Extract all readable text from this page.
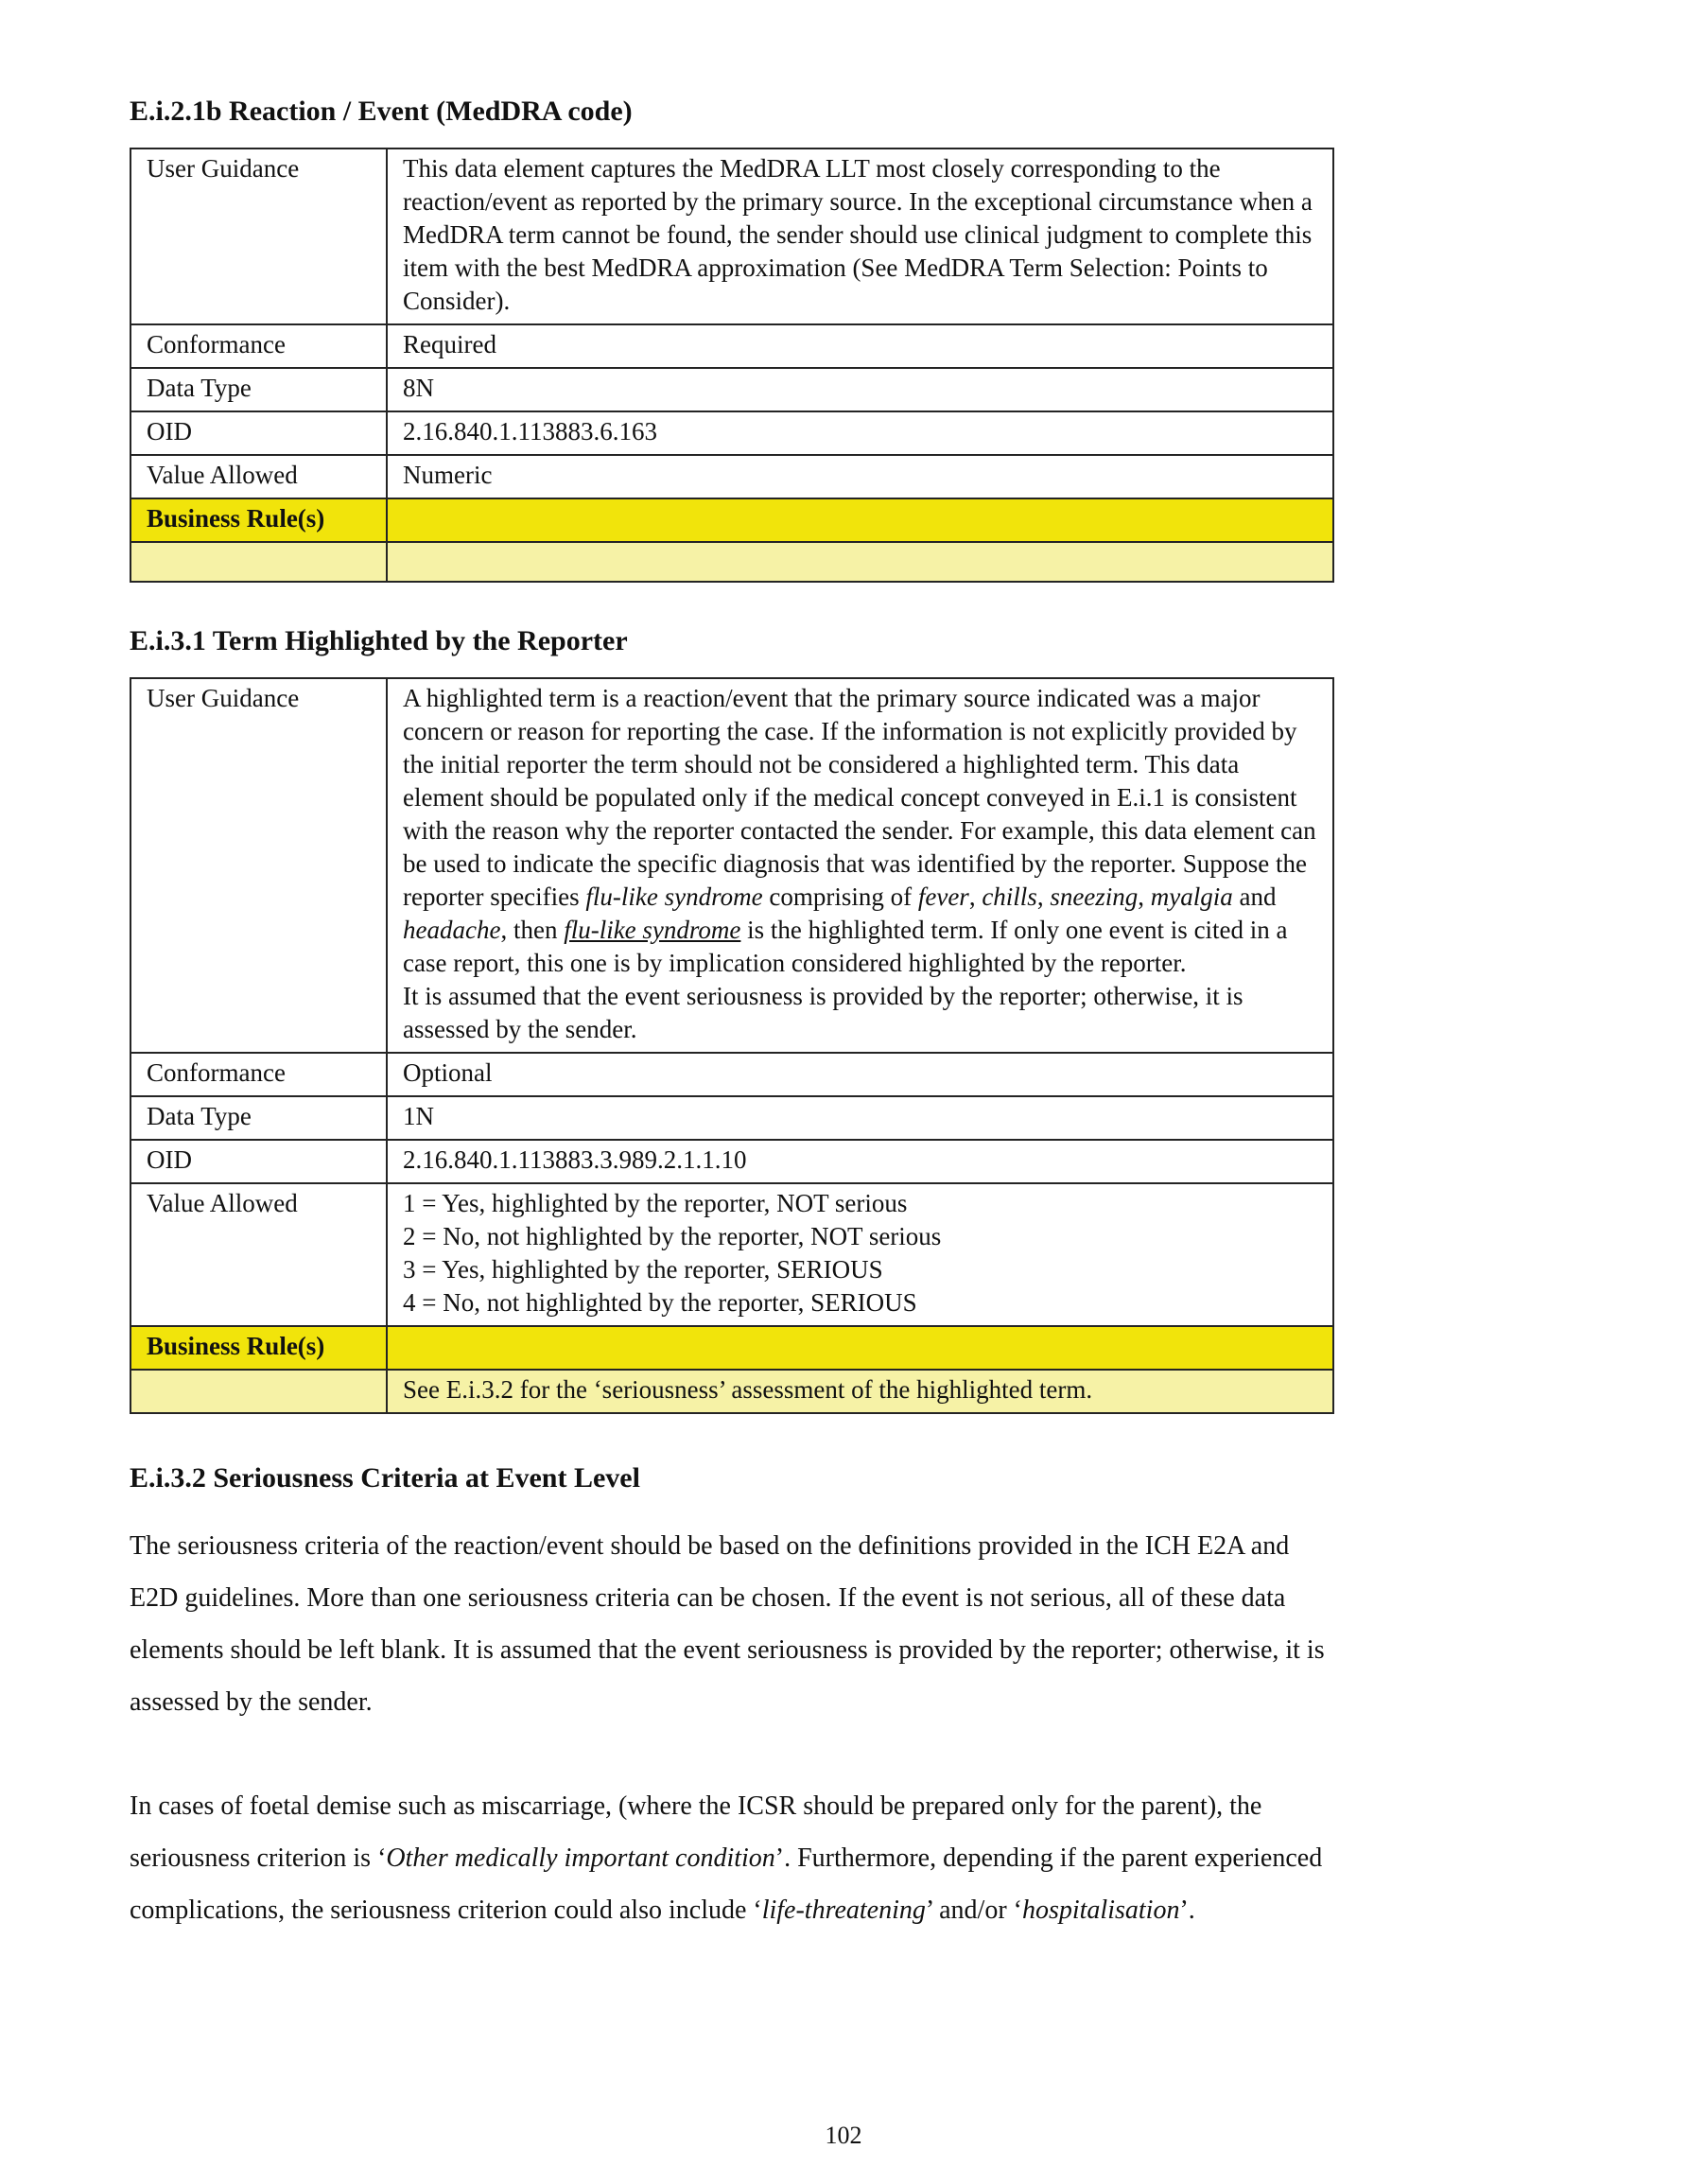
E.i.2.1b Reaction / Event (MedDRA code)
User Guidance	This data element captures the MedDRA LLT most closely corresponding to the reaction/event as reported by the primary source. In the exceptional circumstance when a MedDRA term cannot be found, the sender should use clinical judgment to complete this item with the best MedDRA approximation (See MedDRA Term Selection: Points to Consider).
Conformance	Required
Data Type	8N
OID	2.16.840.1.113883.6.163
Value Allowed	Numeric
Business Rule(s)	

E.i.3.1 Term Highlighted by the Reporter
User Guidance	A highlighted term is a reaction/event that the primary source indicated was a major concern or reason for reporting the case. If the information is not explicitly provided by the initial reporter the term should not be considered a highlighted term. This data element should be populated only if the medical concept conveyed in E.i.1 is consistent with the reason why the reporter contacted the sender. For example, this data element can be used to indicate the specific diagnosis that was identified by the reporter. Suppose the reporter specifies flu-like syndrome comprising of fever, chills, sneezing, myalgia and headache, then flu-like syndrome is the highlighted term. If only one event is cited in a case report, this one is by implication considered highlighted by the reporter.
It is assumed that the event seriousness is provided by the reporter; otherwise, it is assessed by the sender.
Conformance	Optional
Data Type	1N
OID	2.16.840.1.113883.3.989.2.1.1.10
Value Allowed	1 = Yes, highlighted by the reporter, NOT serious
2 = No, not highlighted by the reporter, NOT serious
3 = Yes, highlighted by the reporter, SERIOUS
4 = No, not highlighted by the reporter, SERIOUS

Business Rule(s)	
	See E.i.3.2 for the ‘seriousness’ assessment of the highlighted term.
E.i.3.2 Seriousness Criteria at Event Level
The seriousness criteria of the reaction/event should be based on the definitions provided in the ICH E2A and E2D guidelines. More than one seriousness criteria can be chosen. If the event is not serious, all of these data elements should be left blank. It is assumed that the event seriousness is provided by the reporter; otherwise, it is assessed by the sender.
In cases of foetal demise such as miscarriage, (where the ICSR should be prepared only for the parent), the seriousness criterion is ‘Other medically important condition’. Furthermore, depending if the parent experienced complications, the seriousness criterion could also include ‘life-threatening’ and/or ‘hospitalisation’.
102
